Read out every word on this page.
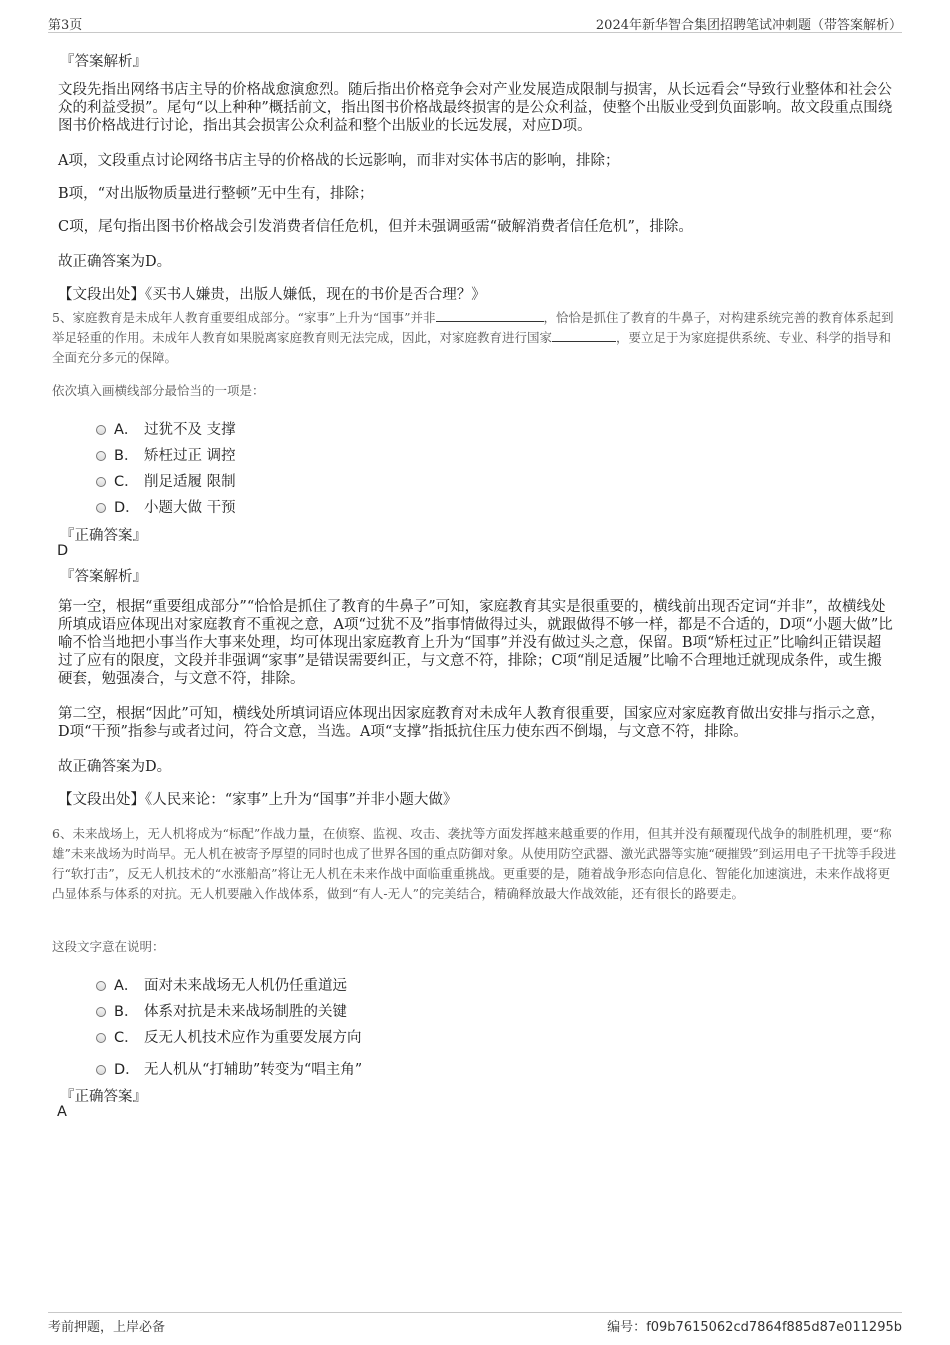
第3页	2024年新华智合集团招聘笔试冲刺题（带答案解析）
『答案解析』
文段先指出网络书店主导的价格战愈演愈烈。随后指出价格竞争会对产业发展造成限制与损害，从长远看会“导致行业整体和社会公众的利益受损”。尾句“以上种种”概括前文，指出图书价格战最终损害的是公众利益，使整个出版业受到负面影响。故文段重点围绕图书价格战进行讨论，指出其会损害公众利益和整个出版业的长远发展，对应D项。
A项，文段重点讨论网络书店主导的价格战的长远影响，而非对实体书店的影响，排除；
B项，“对出版物质量进行整顿”无中生有，排除；
C项，尾句指出图书价格战会引发消费者信任危机，但并未强调亟需“破解消费者信任危机”，排除。
故正确答案为D。
【文段出处】《买书人嫌贵，出版人嫌低，现在的书价是否合理？》
5、家庭教育是未成年人教育重要组成部分。“家事”上升为“国事”并非	，恰恰是抓住了教育的牛鼻子，对构建系统完善的教育体系起到举足轻重的作用。未成年人教育如果脱离家庭教育则无法完成，因此，对家庭教育进行国家	，要立足于为家庭提供系统、专业、科学的指导和全面充分多元的保障。
依次填入画横线部分最恰当的一项是：
A． 过犹不及 支撑
B． 矫枉过正 调控
C． 削足适履 限制
D． 小题大做 干预
『正确答案』
D
『答案解析』
第一空，根据“重要组成部分”“恰恰是抓住了教育的牛鼻子”可知，家庭教育其实是很重要的，横线前出现否定词“并非”，故横线处所填成语应体现出对家庭教育不重视之意，A项“过犹不及”指事情做得过头，就跟做得不够一样，都是不合适的，D项“小题大做”比喻不恰当地把小事当作大事来处理，均可体现出家庭教育上升为“国事”并没有做过头之意，保留。B项“矫枉过正”比喻纠正错误超过了应有的限度，文段并非强调“家事”是错误需要纠正，与文意不符，排除；C项“削足适履”比喻不合理地迁就现成条件，或生搬硬套，勉强凑合，与文意不符，排除。
第二空，根据“因此”可知，横线处所填词语应体现出因家庭教育对未成年人教育很重要，国家应对家庭教育做出安排与指示之意，D项“干预”指参与或者过问，符合文意，当选。A项“支撑”指抵抗住压力使东西不倒塌，与文意不符，排除。
故正确答案为D。
【文段出处】《人民来论：“家事”上升为“国事”并非小题大做》
6、未来战场上，无人机将成为“标配”作战力量，在侦察、监视、攻击、袭扰等方面发挥越来越重要的作用，但其并没有颠覆现代战争的制胜机理，要“称雄”未来战场为时尚早。无人机在被寄予厚望的同时也成了世界各国的重点防御对象。从使用防空武器、激光武器等实施“硬摧毁”到运用电子干扰等手段进行“软打击”，反无人机技术的“水涨船高”将让无人机在未来作战中面临重重挑战。更重要的是，随着战争形态向信息化、智能化加速演进，未来作战将更凸显体系与体系的对抗。无人机要融入作战体系，做到“有人-无人”的完美结合，精确释放最大作战效能，还有很长的路要走。
这段文字意在说明：
A． 面对未来战场无人机仍任重道远
B． 体系对抗是未来战场制胜的关键
C． 反无人机技术应作为重要发展方向
D． 无人机从“打辅助”转变为“唱主角”
『正确答案』
A
考前押题，上岸必备	编号：f09b7615062cd7864f885d87e011295b
